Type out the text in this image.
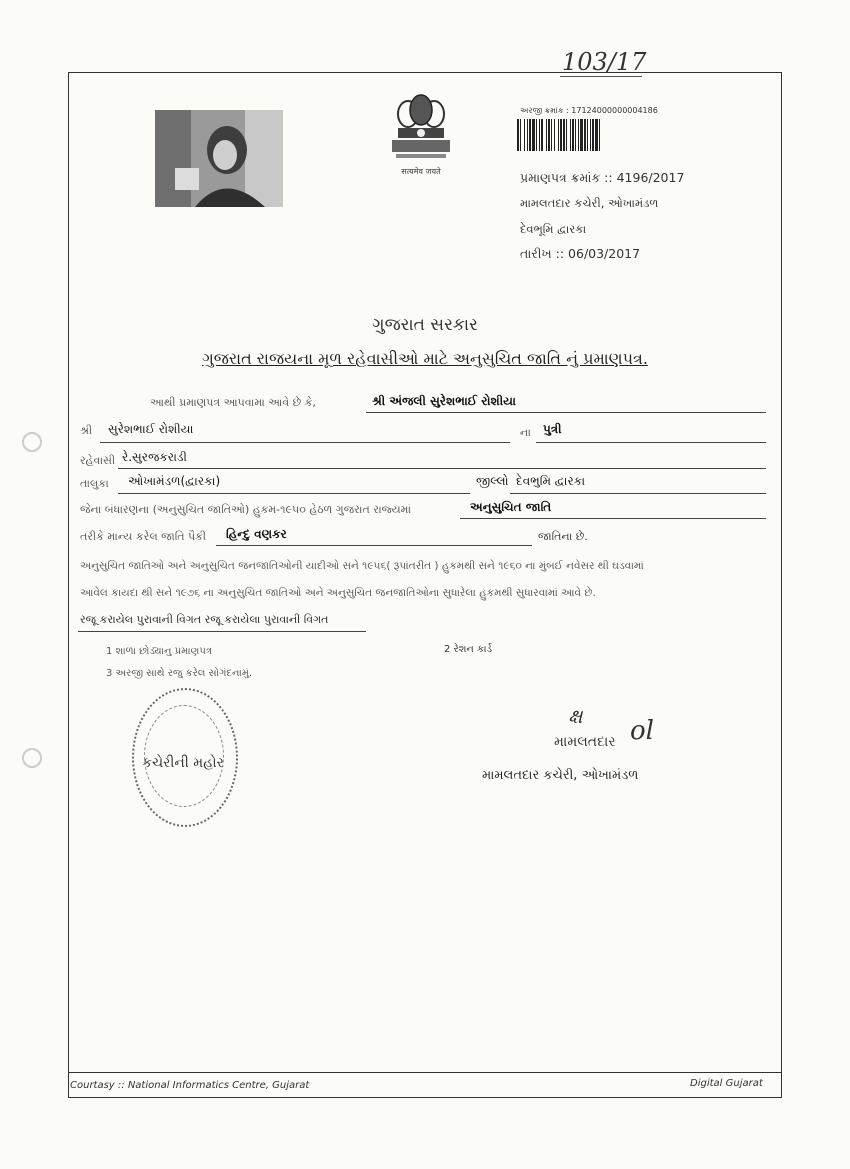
103/17
सत्यमेव जयते
અરજી ક્રમાંક : 17124000000004186
પ્રમાણપત્ર ક્રમાંક :: 4196/2017
મામલતદાર કચેરી, ઓખામંડળ
દેવભૂમિ દ્વારકા
તારીખ :: 06/03/2017
ગુજરાત સરકાર
ગુજરાત રાજયના મૂળ રહેવાસીઓ માટે અનુસુચિત જાતિ નું પ્રમાણપત્ર.
આથી પ્રમાણપત્ર આપવામા આવે છે કે,	શ્રી અંજલી સુરેશભાઈ રોશીયા
શ્રી સુરેશભાઈ રોશીયા	ના પુત્રી
રહેવાસી રે.સુરજકરાડી
તાલુકા ઓખામંડળ(દ્વારકા)	જીલ્લો દેવભુમિ દ્વારકા
જેના બંધારણના (અનુસુચિત જાતિઓ) હુકમ-૧૯૫૦ હેઠળ ગુજરાત રાજ્યમાં	અનુસુચિત જાતિ
તરીકે માન્ય કરેલ જાતિ પૈકી હિન્દુ વણકર	જાતિના છે.
અનુસુચિત જાતિઓ અને અનુસુચિત જનજાતિઓની યાદીઓ સને ૧૯૫૬( રૂપાંતરીત ) હુકમથી સને ૧૯૬૦ ના મુંબઈ નવેસર થી ઘડવામાં
આવેલ કાયદા થી સને ૧૯૭૬ ના અનુસુચિત જાતિઓ અને અનુસુચિત જનજાતિઓના સુધારેલા હુકમથી સુધારવામાં આવે છે.
રજૂ કરાયેલ પુરાવાની વિગત રજૂ કરાયેલા પુરાવાની વિગત
1 શાળા છોડ્યાનુ પ્રમાણપત્ર	2 રેશન કાર્ડ
3 અરજી સાથે રજુ કરેલ સોગંદનામું.
કચેરીની મહોર
ક્ષ ol
મામલતદાર
મામલતદાર કચેરી, ઓખામંડળ
Courtasy :: National Informatics Centre, Gujarat	Digital Gujarat
